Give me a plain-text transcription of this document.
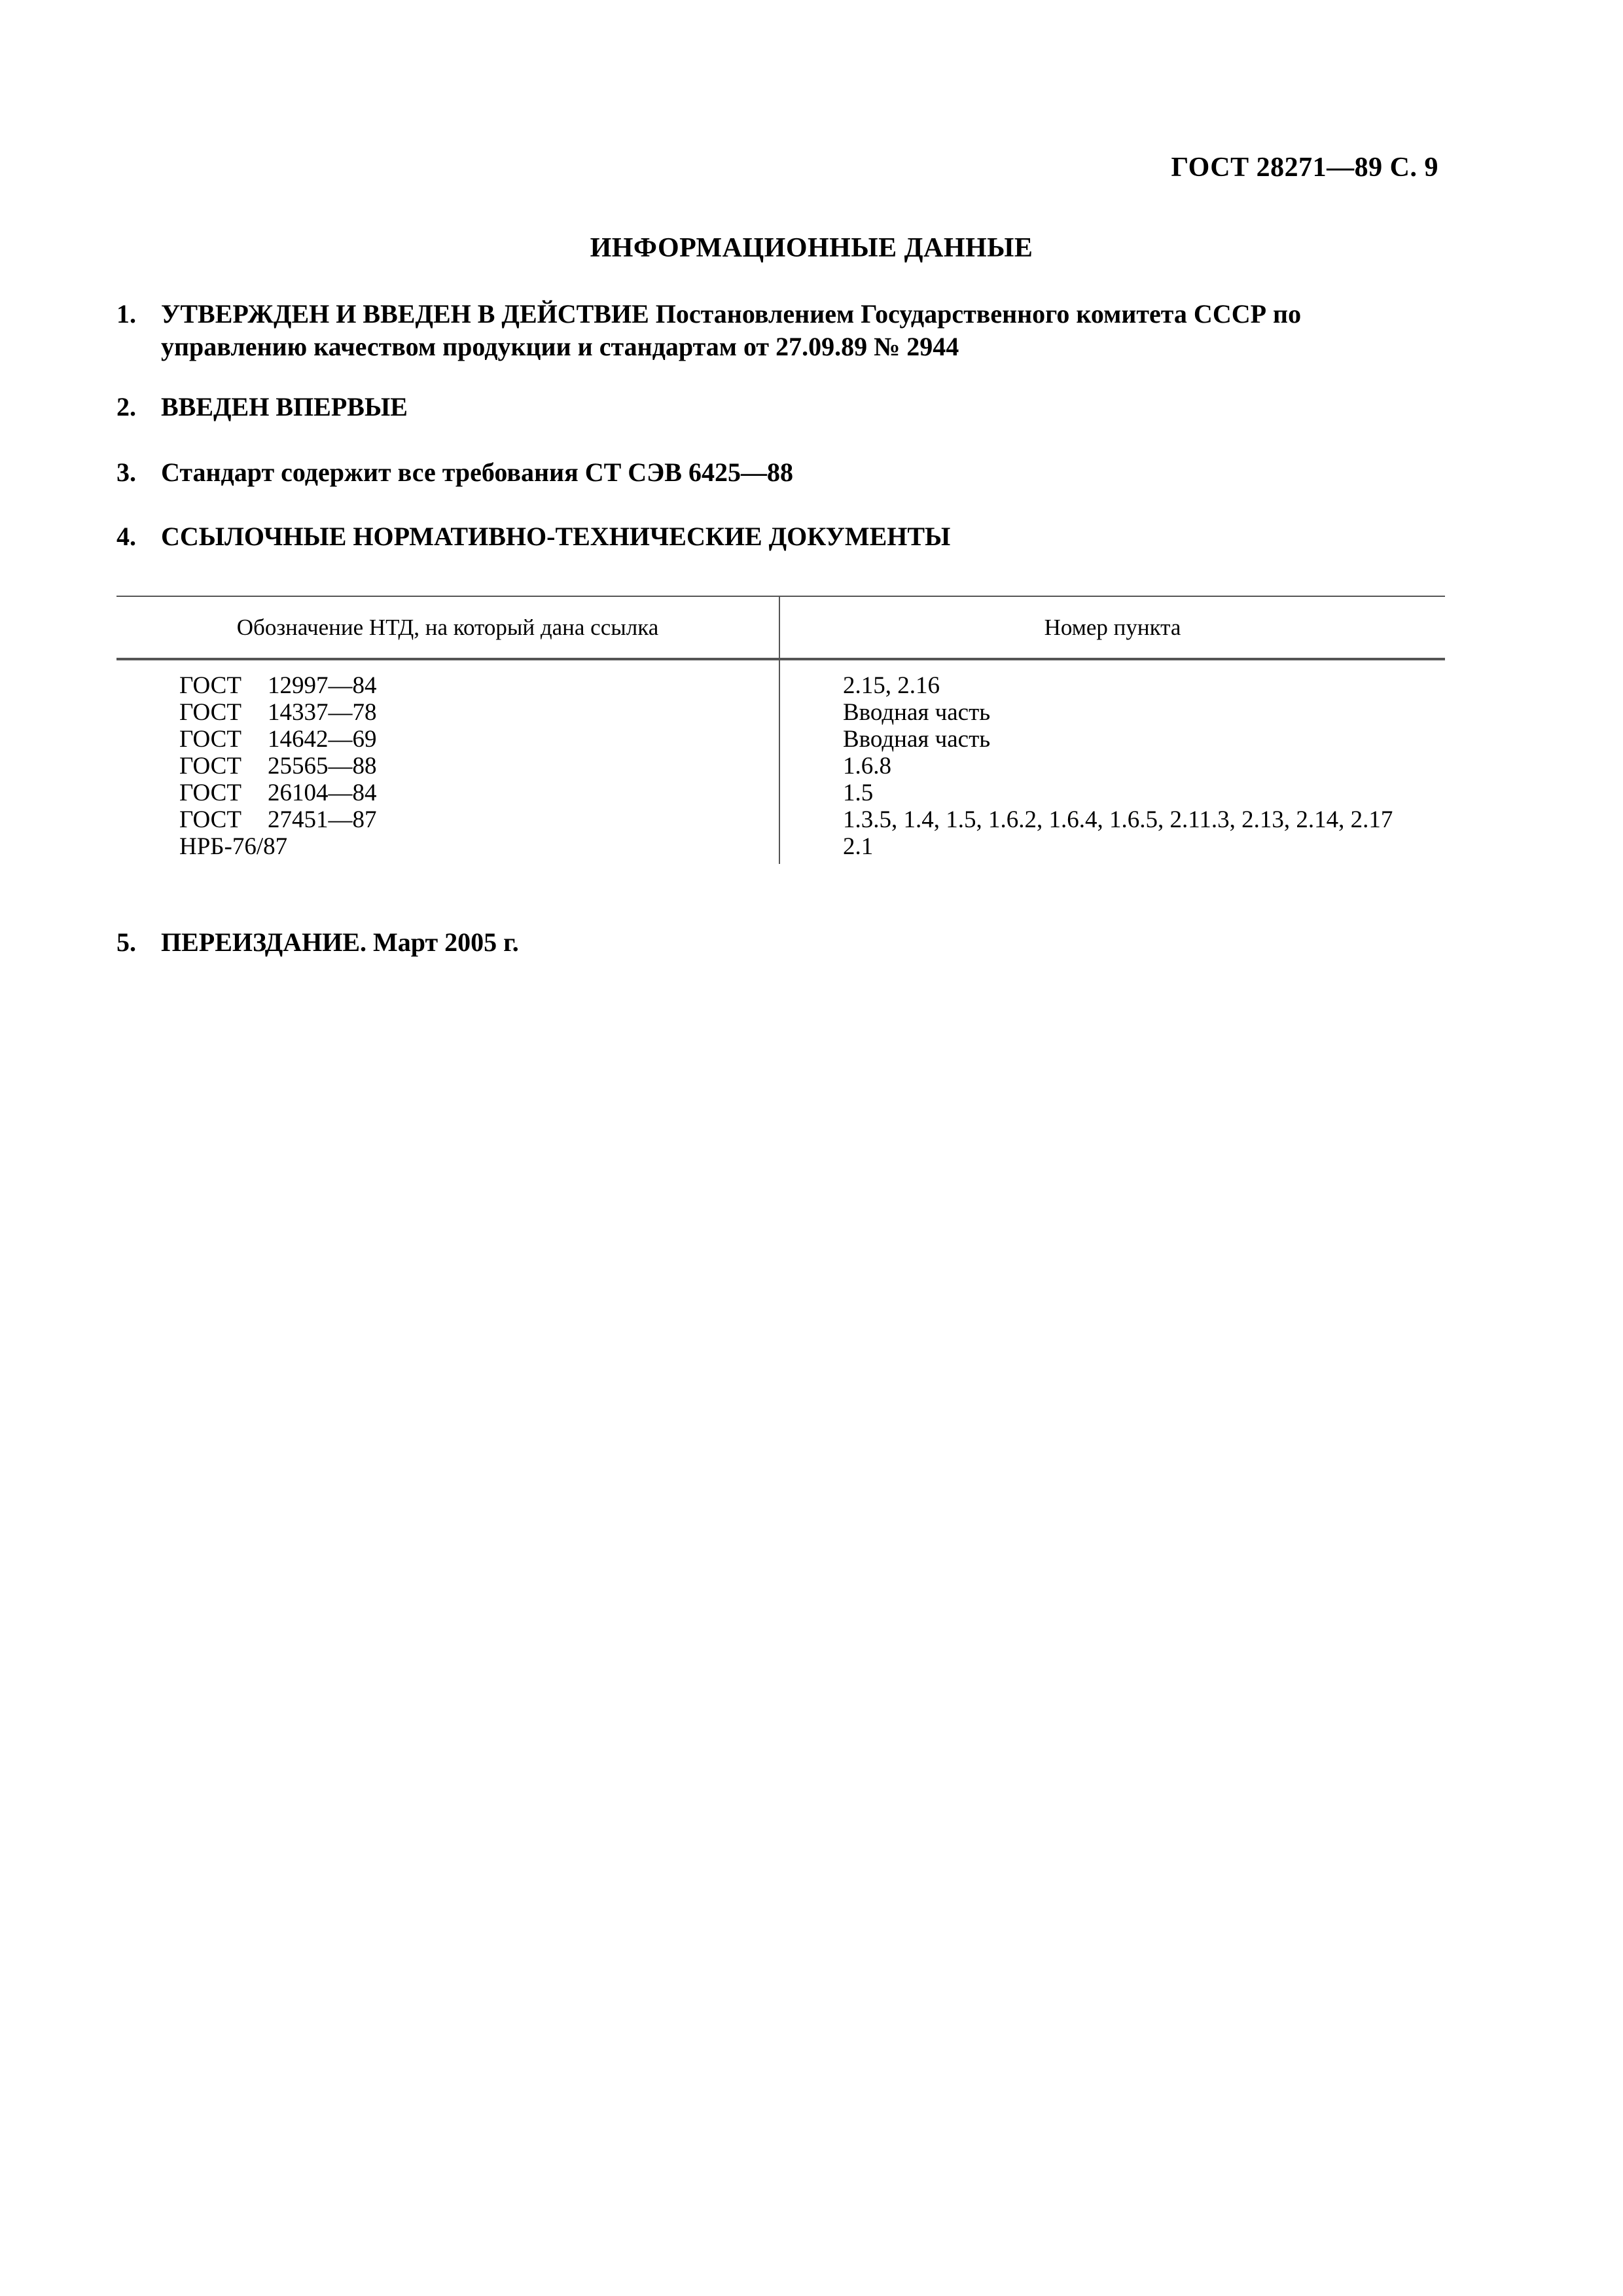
ГОСТ 28271—89 С. 9
ИНФОРМАЦИОННЫЕ ДАННЫЕ
1. УТВЕРЖДЕН И ВВЕДЕН В ДЕЙСТВИЕ Постановлением Государственного комитета СССР по управлению качеством продукции и стандартам от 27.09.89 № 2944
2. ВВЕДЕН ВПЕРВЫЕ
3. Стандарт содержит все требования СТ СЭВ 6425—88
4. ССЫЛОЧНЫЕ НОРМАТИВНО-ТЕХНИЧЕСКИЕ ДОКУМЕНТЫ
Обозначение НТД, на который дана ссылка	Номер пункта
ГОСТ 12997—84	2.15, 2.16
ГОСТ 14337—78	Вводная часть
ГОСТ 14642—69	Вводная часть
ГОСТ 25565—88	1.6.8
ГОСТ 26104—84	1.5
ГОСТ 27451—87	1.3.5, 1.4, 1.5, 1.6.2, 1.6.4, 1.6.5, 2.11.3, 2.13, 2.14, 2.17
НРБ-76/87	2.1
5. ПЕРЕИЗДАНИЕ. Март 2005 г.
